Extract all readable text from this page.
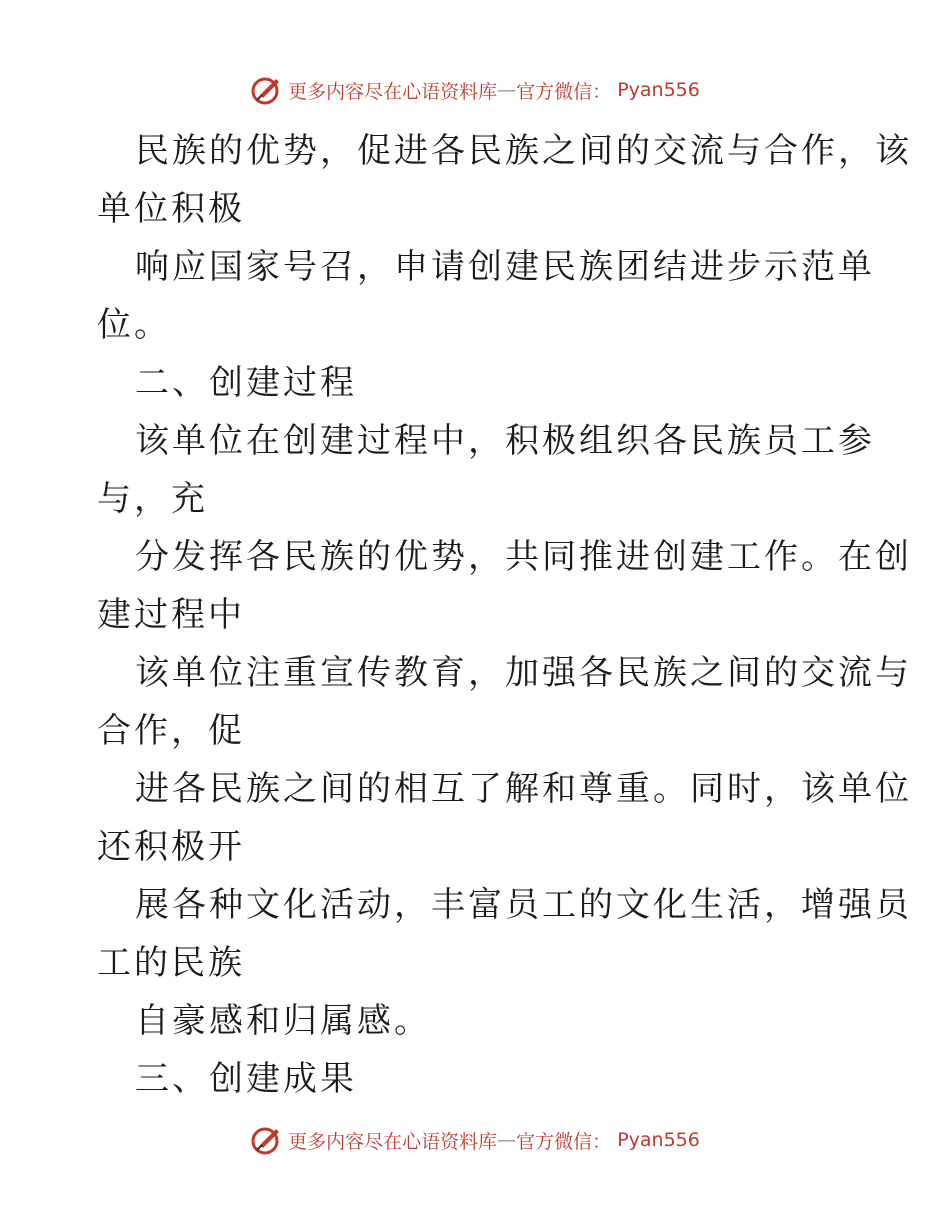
更多内容尽在心语资料库 — 官方微信： Pyan556
民族的优势，促进各民族之间的交流与合作，该
单位积极
响应国家号召，申请创建民族团结进步示范单
位。
二、创建过程
该单位在创建过程中，积极组织各民族员工参
与，充
分发挥各民族的优势，共同推进创建工作。在创
建过程中
该单位注重宣传教育，加强各民族之间的交流与
合作，促
进各民族之间的相互了解和尊重。同时，该单位
还积极开
展各种文化活动，丰富员工的文化生活，增强员
工的民族
自豪感和归属感。
三、创建成果
更多内容尽在心语资料库 — 官方微信： Pyan556
